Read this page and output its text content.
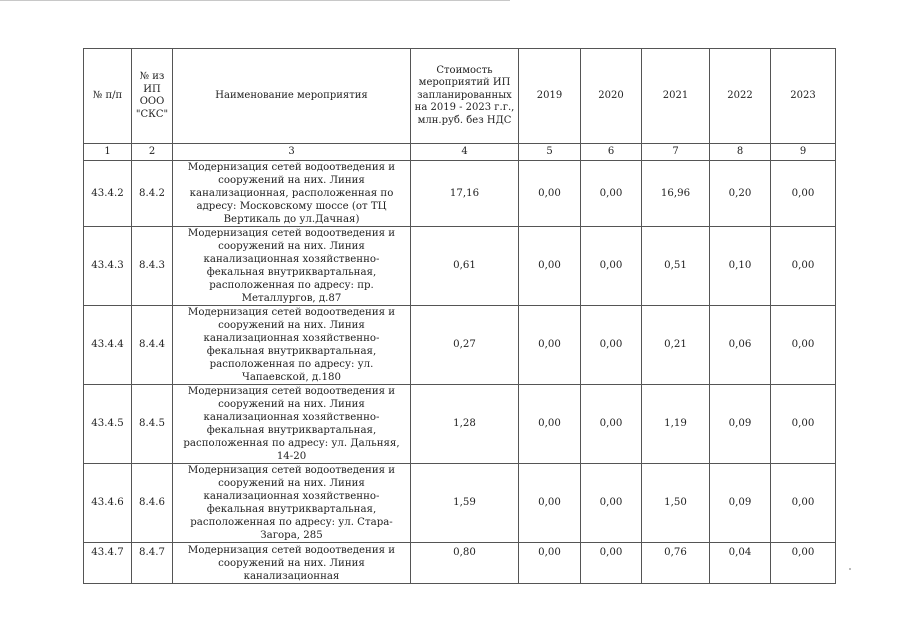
№ п/п	№ из ИП ООО "СКС"	Наименование мероприятия	Стоимость мероприятий ИП запланированных на 2019 - 2023 г.г., млн.руб. без НДС	2019	2020	2021	2022	2023
1	2	3	4	5	6	7	8	9
43.4.2	8.4.2	Модернизация сетей водоотведения и сооружений на них. Линия канализационная, расположенная по адресу: Московскому шоссе (от ТЦ Вертикаль до ул.Дачная)	17,16	0,00	0,00	16,96	0,20	0,00
43.4.3	8.4.3	Модернизация сетей водоотведения и сооружений на них. Линия канализационная хозяйственно-фекальная внутриквартальная, расположенная по адресу: пр. Металлургов, д.87	0,61	0,00	0,00	0,51	0,10	0,00
43.4.4	8.4.4	Модернизация сетей водоотведения и сооружений на них. Линия канализационная хозяйственно-фекальная внутриквартальная, расположенная по адресу: ул. Чапаевской, д.180	0,27	0,00	0,00	0,21	0,06	0,00
43.4.5	8.4.5	Модернизация сетей водоотведения и сооружений на них. Линия канализационная хозяйственно-фекальная внутриквартальная, расположенная по адресу: ул. Дальняя, 14-20	1,28	0,00	0,00	1,19	0,09	0,00
43.4.6	8.4.6	Модернизация сетей водоотведения и сооружений на них. Линия канализационная хозяйственно-фекальная внутриквартальная, расположенная по адресу: ул. Стара-Загора, 285	1,59	0,00	0,00	1,50	0,09	0,00
43.4.7	8.4.7	Модернизация сетей водоотведения и сооружений на них. Линия канализационная	0,80	0,00	0,00	0,76	0,04	0,00
